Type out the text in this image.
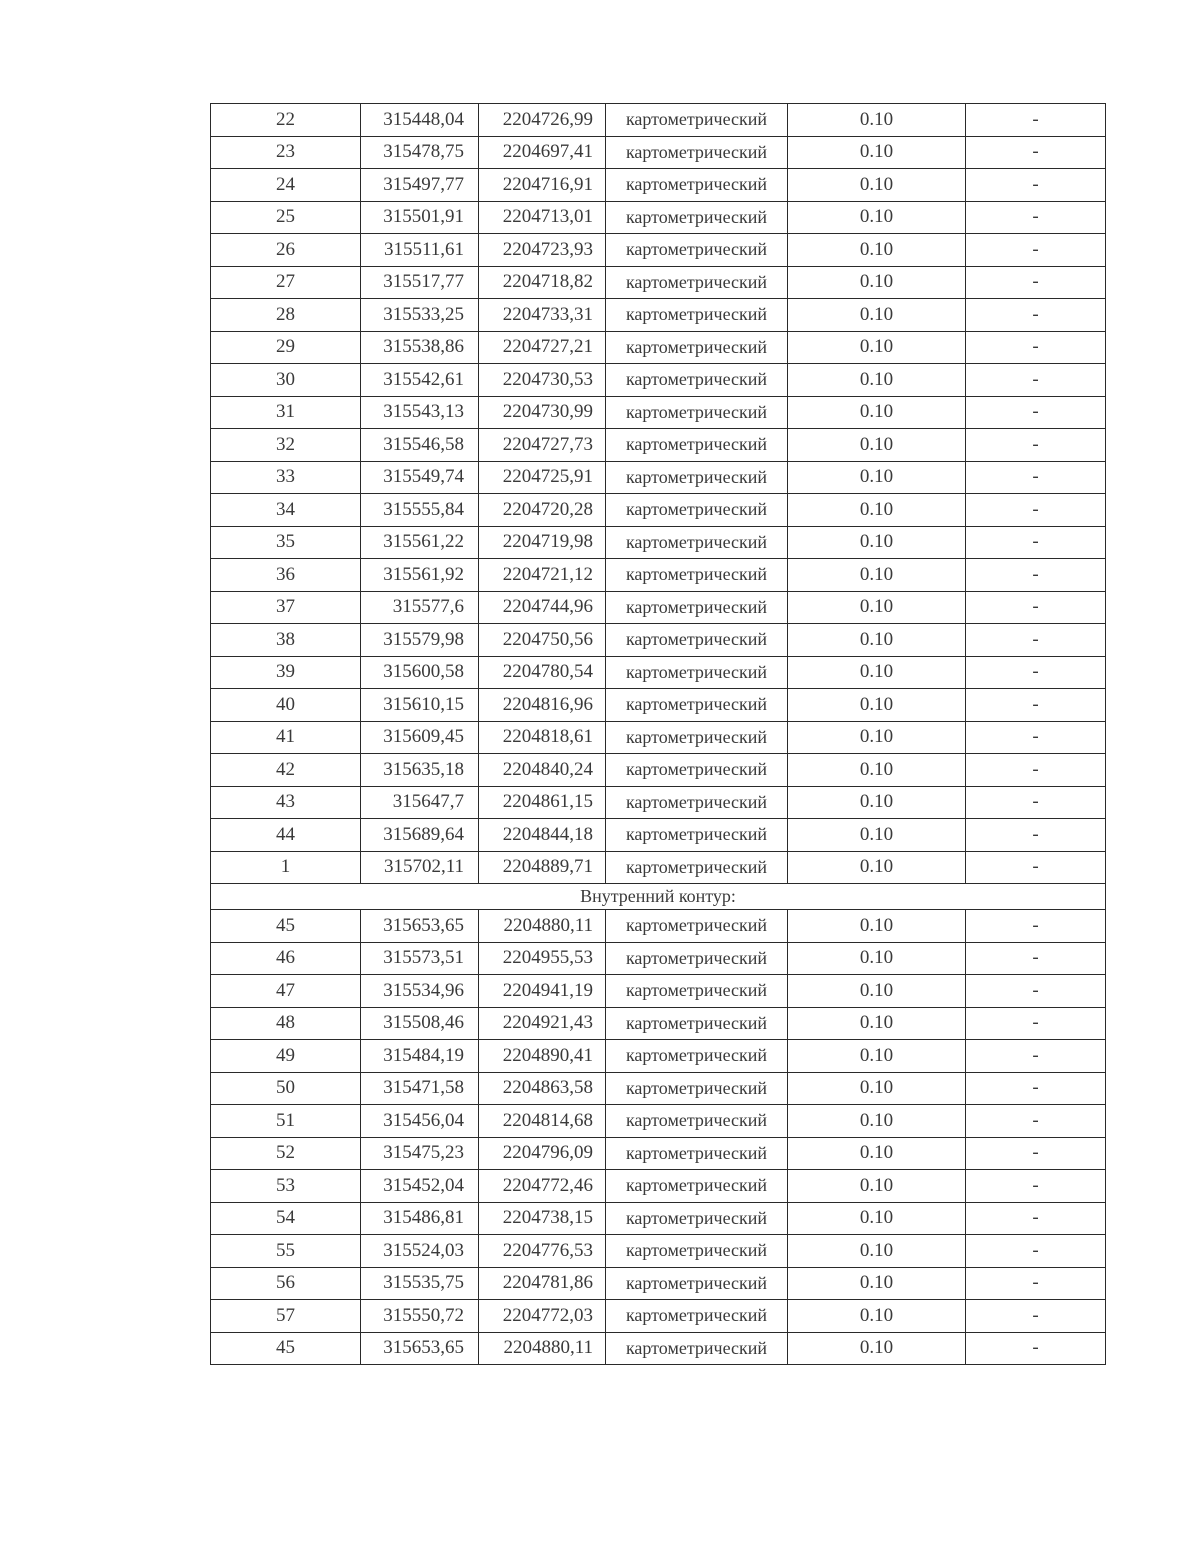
22	315448,04	2204726,99	картометрический	0.10	-
23	315478,75	2204697,41	картометрический	0.10	-
24	315497,77	2204716,91	картометрический	0.10	-
25	315501,91	2204713,01	картометрический	0.10	-
26	315511,61	2204723,93	картометрический	0.10	-
27	315517,77	2204718,82	картометрический	0.10	-
28	315533,25	2204733,31	картометрический	0.10	-
29	315538,86	2204727,21	картометрический	0.10	-
30	315542,61	2204730,53	картометрический	0.10	-
31	315543,13	2204730,99	картометрический	0.10	-
32	315546,58	2204727,73	картометрический	0.10	-
33	315549,74	2204725,91	картометрический	0.10	-
34	315555,84	2204720,28	картометрический	0.10	-
35	315561,22	2204719,98	картометрический	0.10	-
36	315561,92	2204721,12	картометрический	0.10	-
37	315577,6	2204744,96	картометрический	0.10	-
38	315579,98	2204750,56	картометрический	0.10	-
39	315600,58	2204780,54	картометрический	0.10	-
40	315610,15	2204816,96	картометрический	0.10	-
41	315609,45	2204818,61	картометрический	0.10	-
42	315635,18	2204840,24	картометрический	0.10	-
43	315647,7	2204861,15	картометрический	0.10	-
44	315689,64	2204844,18	картометрический	0.10	-
1	315702,11	2204889,71	картометрический	0.10	-
Внутренний контур:					
45	315653,65	2204880,11	картометрический	0.10	-
46	315573,51	2204955,53	картометрический	0.10	-
47	315534,96	2204941,19	картометрический	0.10	-
48	315508,46	2204921,43	картометрический	0.10	-
49	315484,19	2204890,41	картометрический	0.10	-
50	315471,58	2204863,58	картометрический	0.10	-
51	315456,04	2204814,68	картометрический	0.10	-
52	315475,23	2204796,09	картометрический	0.10	-
53	315452,04	2204772,46	картометрический	0.10	-
54	315486,81	2204738,15	картометрический	0.10	-
55	315524,03	2204776,53	картометрический	0.10	-
56	315535,75	2204781,86	картометрический	0.10	-
57	315550,72	2204772,03	картометрический	0.10	-
45	315653,65	2204880,11	картометрический	0.10	-
